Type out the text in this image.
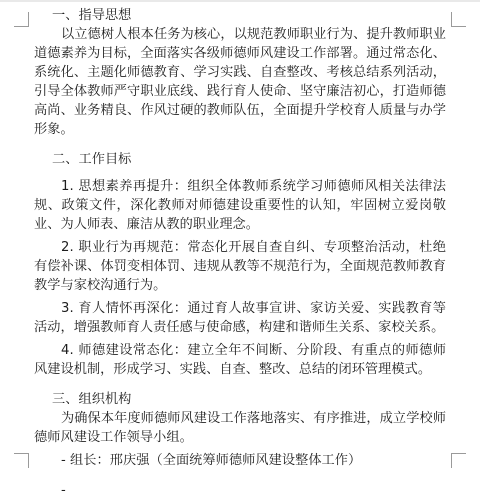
一、指导思想

以立德树人根本任务为核心，以规范教师职业行为、提升教师职业道德素养为目标，全面落实各级师德师风建设工作部署。通过常态化、系统化、主题化师德教育、学习实践、自查整改、考核总结系列活动，引导全体教师严守职业底线、践行育人使命、坚守廉洁初心，打造师德高尚、业务精良、作风过硬的教师队伍，全面提升学校育人质量与办学形象。

二、工作目标

1. 思想素养再提升：组织全体教师系统学习师德师风相关法律法规、政策文件，深化教师对师德建设重要性的认知，牢固树立爱岗敬业、为人师表、廉洁从教的职业理念。

2. 职业行为再规范：常态化开展自查自纠、专项整治活动，杜绝有偿补课、体罚变相体罚、违规从教等不规范行为，全面规范教师教育教学与家校沟通行为。

3. 育人情怀再深化：通过育人故事宣讲、家访关爱、实践教育等活动，增强教师育人责任感与使命感，构建和谐师生关系、家校关系。

4. 师德建设常态化：建立全年不间断、分阶段、有重点的师德师风建设机制，形成学习、实践、自查、整改、总结的闭环管理模式。

三、组织机构

为确保本年度师德师风建设工作落地落实、有序推进，成立学校师德师风建设工作领导小组。

- 组长：邢庆强（全面统筹师德师风建设整体工作）

-
